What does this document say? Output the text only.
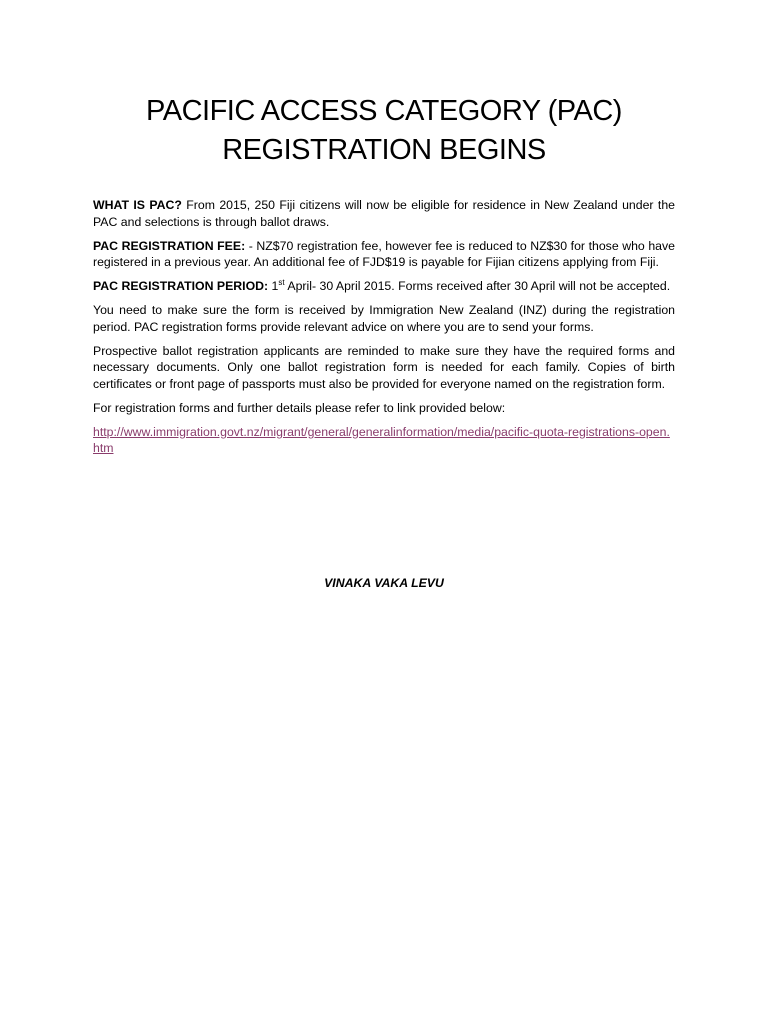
PACIFIC ACCESS CATEGORY (PAC)
REGISTRATION BEGINS

WHAT IS PAC? From 2015, 250 Fiji citizens will now be eligible for residence in New Zealand under the PAC and selections is through ballot draws.

PAC REGISTRATION FEE: - NZ$70 registration fee, however fee is reduced to NZ$30 for those who have registered in a previous year. An additional fee of FJD$19 is payable for Fijian citizens applying from Fiji.

PAC REGISTRATION PERIOD: 1st April- 30 April 2015. Forms received after 30 April will not be accepted.

You need to make sure the form is received by Immigration New Zealand (INZ) during the registration period. PAC registration forms provide relevant advice on where you are to send your forms.

Prospective ballot registration applicants are reminded to make sure they have the required forms and necessary documents. Only one ballot registration form is needed for each family. Copies of birth certificates or front page of passports must also be provided for everyone named on the registration form.

For registration forms and further details please refer to link provided below:

http://www.immigration.govt.nz/migrant/general/generalinformation/media/pacific-quota-registrations-open.htm

VINAKA VAKA LEVU
